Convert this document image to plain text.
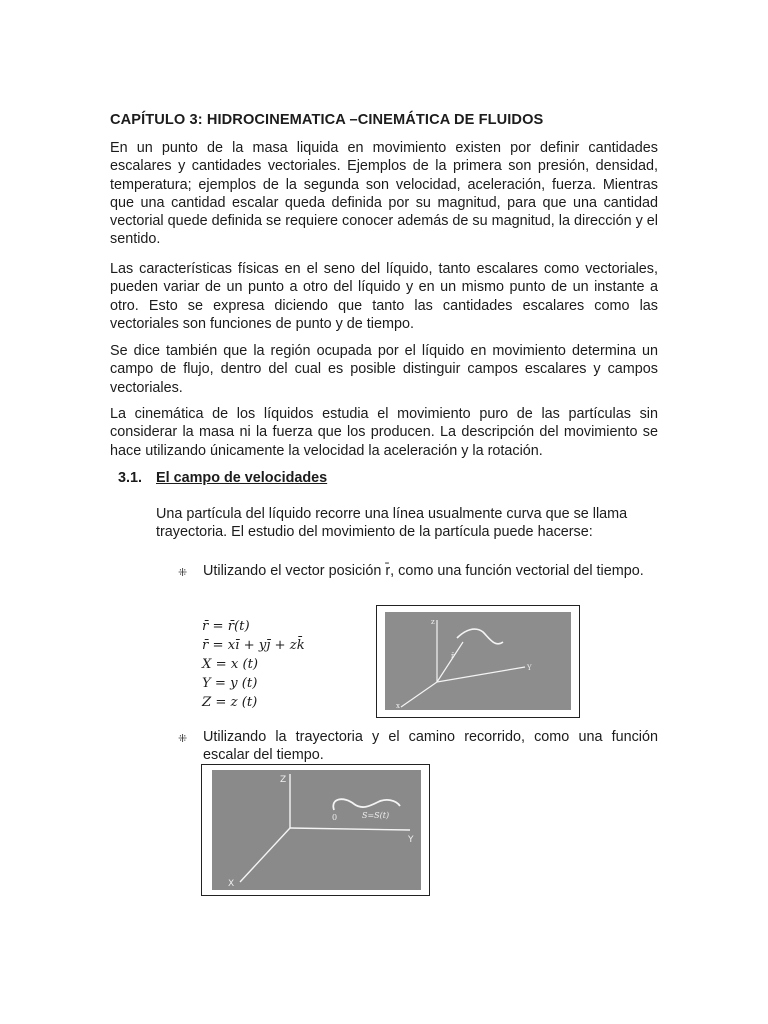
CAPÍTULO 3: HIDROCINEMATICA –CINEMÁTICA DE FLUIDOS

En un punto de la masa liquida en movimiento existen por definir cantidades escalares y cantidades vectoriales. Ejemplos de la primera son presión, densidad, temperatura; ejemplos de la segunda son velocidad, aceleración, fuerza. Mientras que una cantidad escalar queda definida por su magnitud, para que una cantidad vectorial quede definida se requiere conocer además de su magnitud, la dirección y el sentido.

Las características físicas en el seno del líquido, tanto escalares como vectoriales, pueden variar de un punto a otro del líquido y en un mismo punto de un instante a otro. Esto se expresa diciendo que tanto las cantidades escalares como las vectoriales son funciones de punto y de tiempo.

Se dice también que la región ocupada por el líquido en movimiento determina un campo de flujo, dentro del cual es posible distinguir campos escalares y campos vectoriales.

La cinemática de los líquidos estudia el movimiento puro de las partículas sin considerar la masa ni la fuerza que los producen. La descripción del movimiento se hace utilizando únicamente la velocidad la aceleración y la rotación.

3.1. El campo de velocidades

Una partícula del líquido recorre una línea usualmente curva que se llama trayectoria. El estudio del movimiento de la partícula puede hacerse:

⁜ Utilizando el vector posición r̄, como una función vectorial del tiempo.

r̄ = r̄(t)
r̄ = xī + yj̄ + zk̄
X = x (t)
Y = y (t)
Z = z (t)
z
Y
x
r̄
⁜ Utilizando la trayectoria y el camino recorrido, como una función escalar del tiempo.

Z
Y
X
S=S(t)
0
